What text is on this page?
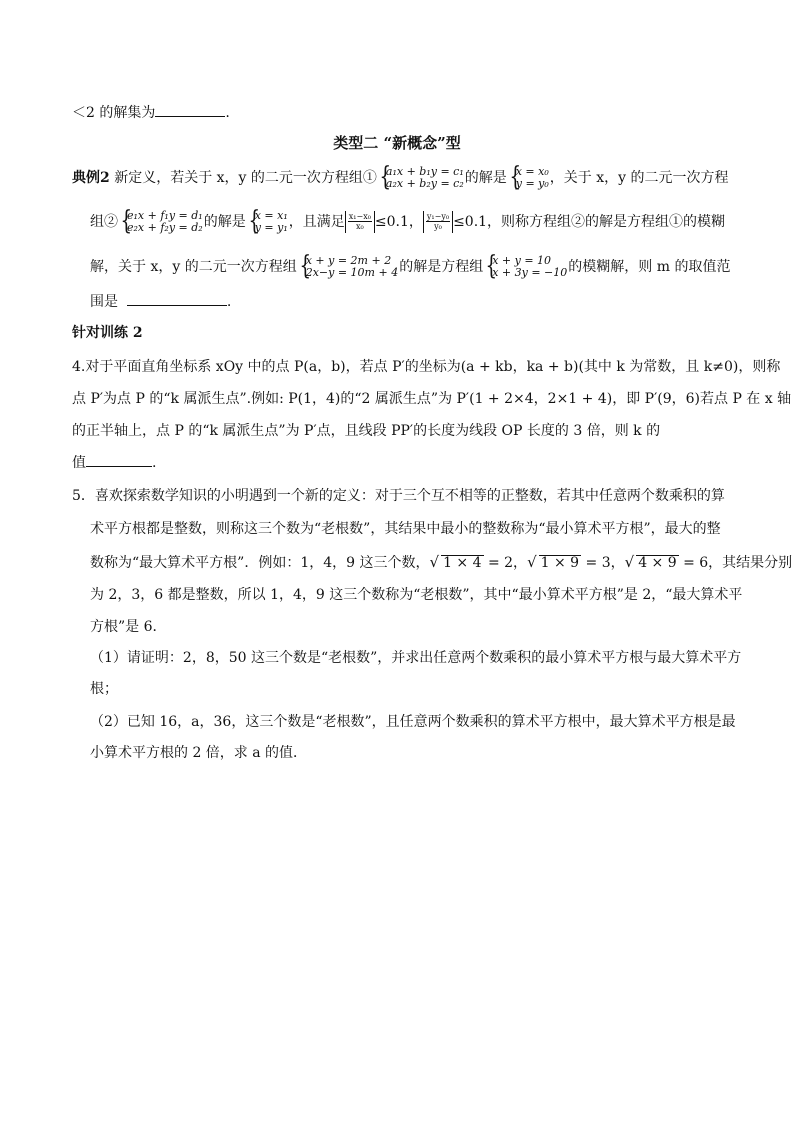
＜2 的解集为	.
类型二 “新概念”型
典例2 新定义，若关于 x，y 的二元一次方程组① { a₁x + b₁y = c₁
a₂x + b₂y = c₂ 的解是 { x = x₀
y = y₀ ，关于 x，y 的二元一次方程
组② { e₁x + f₁y = d₁
e₂x + f₂y = d₂ 的解是 { x = x₁
y = y₁ ，且满足 $\frac{\text{x₁−x₀}}{\text{x₀}} \le 0.1$， $\frac{\text{y₁−y₀}}{\text{y₀}} \le 0.1$，则称方程组②的解是方程组①的模糊
解，关于 x，y 的二元一次方程组 { x + y = 2m + 2
2x−y = 10m + 4 的解是方程组 { x + y = 10
x + 3y = −10 的模糊解，则 m 的取值范
围是	.
针对训练 2
4.对于平面直角坐标系 xOy 中的点 P(a，b)，若点 P′的坐标为(a + kb，ka + b)(其中 k 为常数，且 k≠0)，则称
点 P′为点 P 的“k 属派生点”.例如: P(1，4)的“2 属派生点”为 P′(1 + 2×4，2×1 + 4)，即 P′(9，6)若点 P 在 x 轴
的正半轴上，点 P 的“k 属派生点”为 P′点，且线段 PP′的长度为线段 OP 长度的 3 倍，则 k 的
值	.
5．喜欢探索数学知识的小明遇到一个新的定义：对于三个互不相等的正整数，若其中任意两个数乘积的算
术平方根都是整数，则称这三个数为“老根数”，其结果中最小的整数称为“最小算术平方根”，最大的整
数称为“最大算术平方根”．例如：1，4，9 这三个数，√ 1 × 4 = 2，√ 1 × 9 = 3，√ 4 × 9 = 6，其结果分别
为 2，3，6 都是整数，所以 1，4，9 这三个数称为“老根数”，其中“最小算术平方根”是 2，“最大算术平
方根”是 6．
（1）请证明：2，8，50 这三个数是“老根数”，并求出任意两个数乘积的最小算术平方根与最大算术平方
根；
（2）已知 16，a，36，这三个数是“老根数”，且任意两个数乘积的算术平方根中，最大算术平方根是最
小算术平方根的 2 倍，求 a 的值．
